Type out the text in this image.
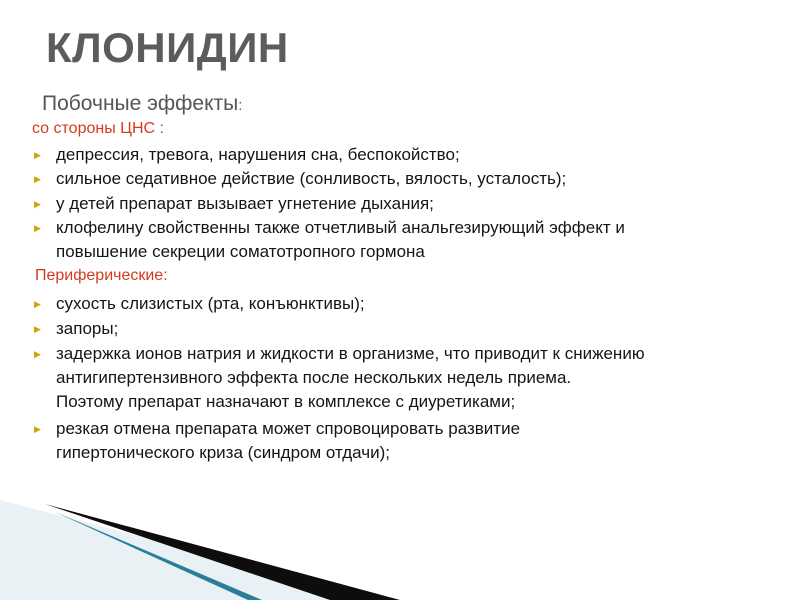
КЛОНИДИН
Побочные эффекты:
со стороны ЦНС :
▶ депрессия, тревога, нарушения сна, беспокойство;
▶ сильное седативное действие (сонливость, вялость, усталость);
▶ у детей препарат вызывает угнетение дыхания;
▶ клофелину свойственны также отчетливый анальгезирующий эффект и
повышение секреции соматотропного гормона
Периферические:
▶ сухость слизистых (рта, конъюнктивы);
▶ запоры;
▶ задержка ионов натрия и жидкости в организме, что приводит к снижению
антигипертензивного эффекта после нескольких недель приема.
Поэтому препарат назначают в комплексе с диуретиками;
▶ резкая отмена препарата может спровоцировать развитие
гипертонического криза (синдром отдачи);
